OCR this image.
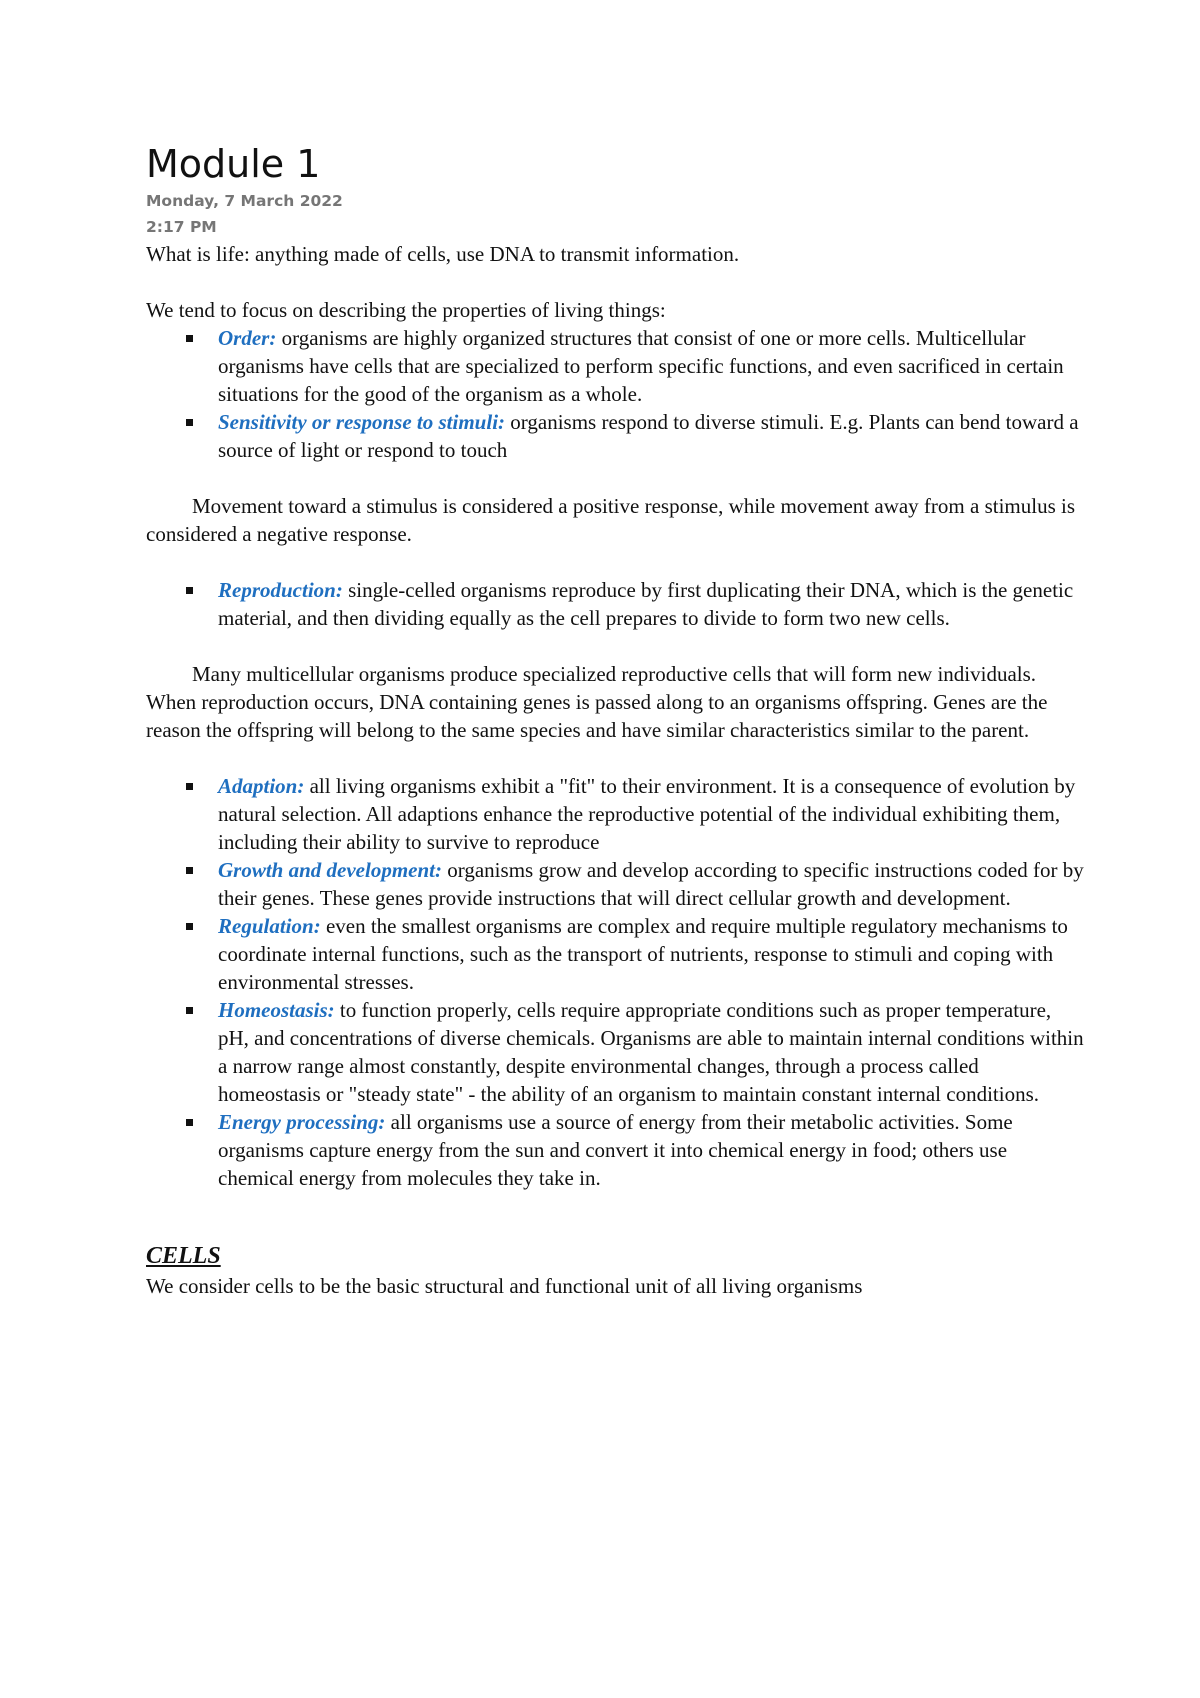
Module 1
Monday, 7 March 2022
2:17 PM

What is life: anything made of cells, use DNA to transmit information.

We tend to focus on describing the properties of living things:

Order: organisms are highly organized structures that consist of one or more cells. Multicellular organisms have cells that are specialized to perform specific functions, and even sacrificed in certain situations for the good of the organism as a whole.
Sensitivity or response to stimuli: organisms respond to diverse stimuli. E.g. Plants can bend toward a source of light or respond to touch

Movement toward a stimulus is considered a positive response, while movement away from a stimulus is considered a negative response.

Reproduction: single-celled organisms reproduce by first duplicating their DNA, which is the genetic material, and then dividing equally as the cell prepares to divide to form two new cells.

Many multicellular organisms produce specialized reproductive cells that will form new individuals. When reproduction occurs, DNA containing genes is passed along to an organisms offspring. Genes are the reason the offspring will belong to the same species and have similar characteristics similar to the parent.

Adaption: all living organisms exhibit a "fit" to their environment. It is a consequence of evolution by natural selection. All adaptions enhance the reproductive potential of the individual exhibiting them, including their ability to survive to reproduce
Growth and development: organisms grow and develop according to specific instructions coded for by their genes. These genes provide instructions that will direct cellular growth and development.
Regulation: even the smallest organisms are complex and require multiple regulatory mechanisms to coordinate internal functions, such as the transport of nutrients, response to stimuli and coping with environmental stresses.
Homeostasis: to function properly, cells require appropriate conditions such as proper temperature, pH, and concentrations of diverse chemicals. Organisms are able to maintain internal conditions within a narrow range almost constantly, despite environmental changes, through a process called homeostasis or "steady state" - the ability of an organism to maintain constant internal conditions.
Energy processing: all organisms use a source of energy from their metabolic activities. Some organisms capture energy from the sun and convert it into chemical energy in food; others use chemical energy from molecules they take in.
CELLS

We consider cells to be the basic structural and functional unit of all living organisms
